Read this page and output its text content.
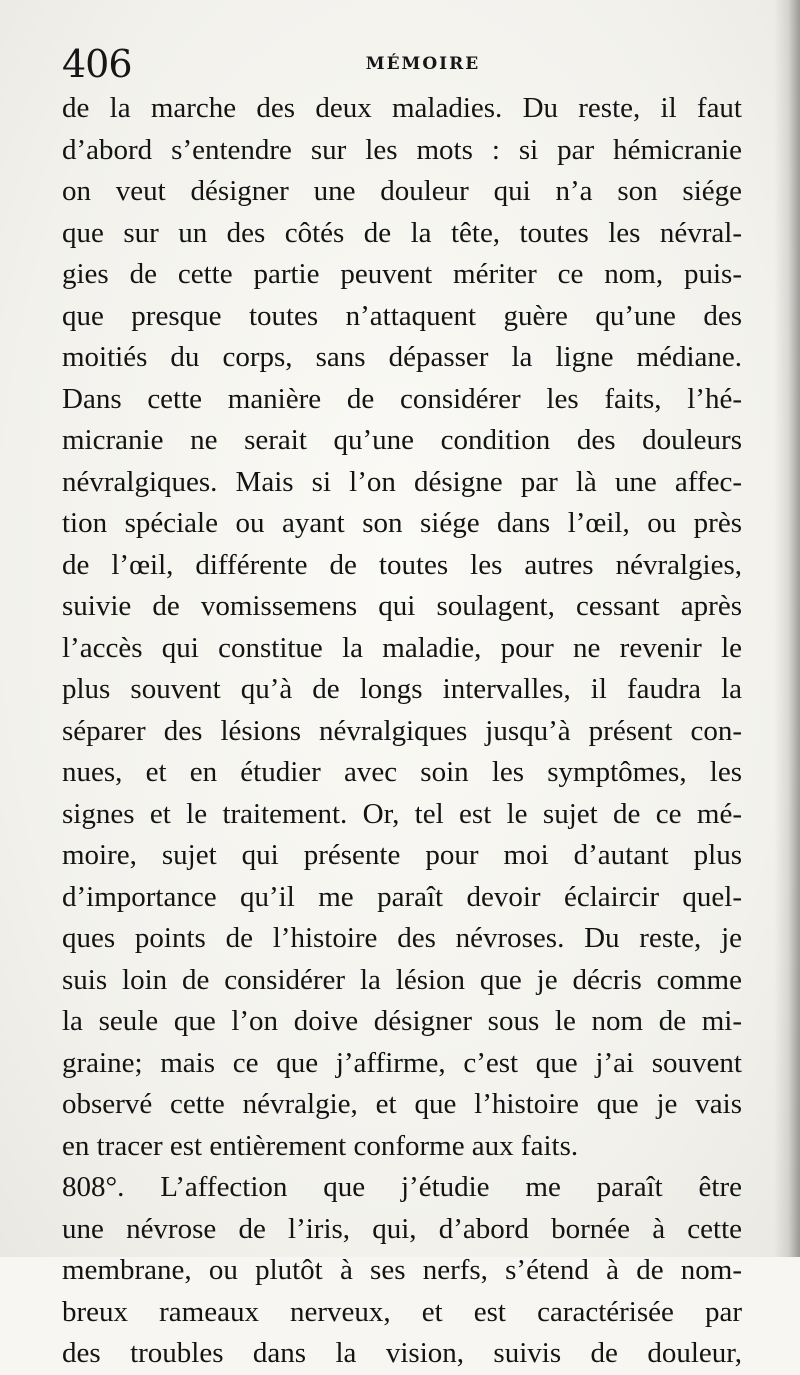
406	MÉMOIRE
de la marche des deux maladies. Du reste, il faut
d’abord s’entendre sur les mots : si par hémicranie
on veut désigner une douleur qui n’a son siége
que sur un des côtés de la tête, toutes les névral-
gies de cette partie peuvent mériter ce nom, puis-
que presque toutes n’attaquent guère qu’une des
moitiés du corps, sans dépasser la ligne médiane.
Dans cette manière de considérer les faits, l’hé-
micranie ne serait qu’une condition des douleurs
névralgiques. Mais si l’on désigne par là une affec-
tion spéciale ou ayant son siége dans l’œil, ou près
de l’œil, différente de toutes les autres névralgies,
suivie de vomissemens qui soulagent, cessant après
l’accès qui constitue la maladie, pour ne revenir le
plus souvent qu’à de longs intervalles, il faudra la
séparer des lésions névralgiques jusqu’à présent con-
nues, et en étudier avec soin les symptômes, les
signes et le traitement. Or, tel est le sujet de ce mé-
moire, sujet qui présente pour moi d’autant plus
d’importance qu’il me paraît devoir éclaircir quel-
ques points de l’histoire des névroses. Du reste, je
suis loin de considérer la lésion que je décris comme
la seule que l’on doive désigner sous le nom de mi-
graine; mais ce que j’affirme, c’est que j’ai souvent
observé cette névralgie, et que l’histoire que je vais
en tracer est entièrement conforme aux faits.
808°. L’affection que j’étudie me paraît être
une névrose de l’iris, qui, d’abord bornée à cette
membrane, ou plutôt à ses nerfs, s’étend à de nom-
breux rameaux nerveux, et est caractérisée par
des troubles dans la vision, suivis de douleur,
